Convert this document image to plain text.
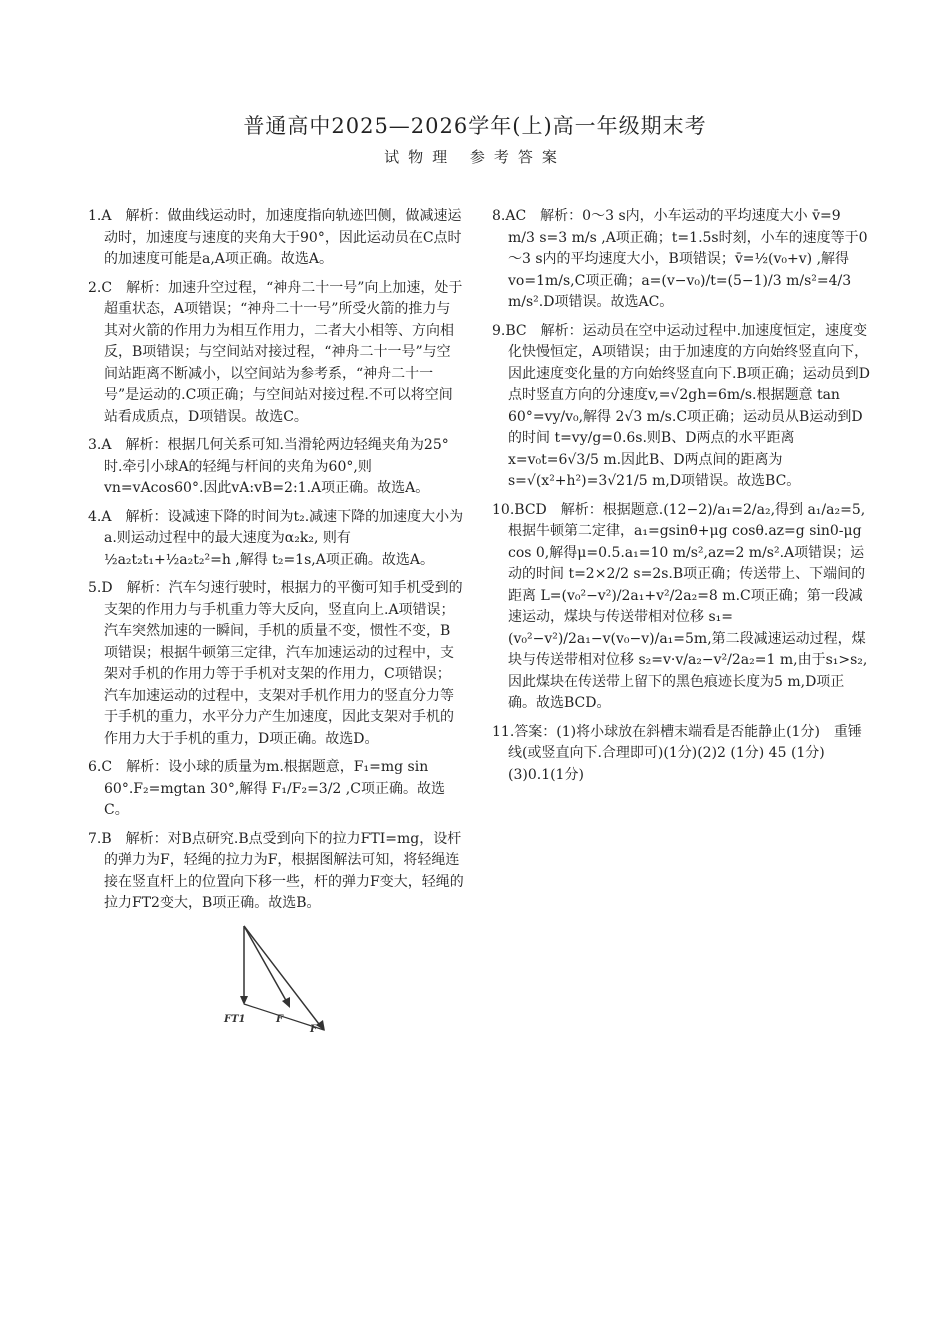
普通高中2025—2026学年(上)高一年级期末考
试物理 参考答案

1.A　解析：做曲线运动时，加速度指向轨迹凹侧，做减速运动时，加速度与速度的夹角大于90°，因此运动员在C点时的加速度可能是a,A项正确。故选A。

2.C　解析：加速升空过程，“神舟二十一号”向上加速，处于超重状态，A项错误；“神舟二十一号”所受火箭的推力与其对火箭的作用力为相互作用力，二者大小相等、方向相反，B项错误；与空间站对接过程，“神舟二十一号”与空间站距离不断减小，以空间站为参考系，“神舟二十一号”是运动的.C项正确；与空间站对接过程.不可以将空间站看成质点，D项错误。故选C。

3.A　解析：根据几何关系可知.当滑轮两边轻绳夹角为25°时.牵引小球A的轻绳与杆间的夹角为60°,则vn=vAcos60°.因此vA:vB=2:1.A项正确。故选A。

4.A　解析：设减速下降的时间为t₂.减速下降的加速度大小为a.则运动过程中的最大速度为α₂k₂, 则有 ½a₂t₂t₁+½a₂t₂²=h ,解得 t₂=1s,A项正确。故选A。

5.D　解析：汽车匀速行驶时，根据力的平衡可知手机受到的支架的作用力与手机重力等大反向，竖直向上.A项错误；汽车突然加速的一瞬间，手机的质量不变，惯性不变，B项错误；根据牛顿第三定律，汽车加速运动的过程中，支架对手机的作用力等于手机对支架的作用力，C项错误；汽车加速运动的过程中，支架对手机作用力的竖直分力等于手机的重力，水平分力产生加速度，因此支架对手机的作用力大于手机的重力，D项正确。故选D。

6.C　解析：设小球的质量为m.根据题意，F₁=mg sin 60°.F₂=mgtan 30°,解得 F₁/F₂=3/2 ,C项正确。故选C。

7.B　解析：对B点研究.B点受到向下的拉力FTI=mg，设杆的弹力为F，轻绳的拉力为F，根据图解法可知，将轻绳连接在竖直杆上的位置向下移一些，杆的弹力F变大，轻绳的拉力FT2变大，B项正确。故选B。

FT1	F
F

8.AC　解析：0～3 s内，小车运动的平均速度大小 v̄=9 m/3 s=3 m/s ,A项正确；t=1.5s时刻，小车的速度等于0～3 s内的平均速度大小，B项错误；v̄=½(v₀+v) ,解得 vo=1m/s,C项正确；a=(v−v₀)/t=(5−1)/3 m/s²=4/3 m/s².D项错误。故选AC。

9.BC　解析：运动员在空中运动过程中.加速度恒定，速度变化快慢恒定，A项错误；由于加速度的方向始终竖直向下，因此速度变化量的方向始终竖直向下.B项正确；运动员到D点时竖直方向的分速度v,=√2gh=6m/s.根据题意 tan 60°=vy/v₀,解得 2√3 m/s.C项正确；运动员从B运动到D的时间 t=vy/g=0.6s.则B、D两点的水平距离 x=v₀t=6√3/5 m.因此B、D两点间的距离为s=√(x²+h²)=3√21/5 m,D项错误。故选BC。

10.BCD　解析：根据题意.(12−2)/a₁=2/a₂,得到 a₁/a₂=5,根据牛顿第二定律，a₁=gsinθ+μg cosθ.az=g sin0-μg cos 0,解得μ=0.5.a₁=10 m/s²,az=2 m/s².A项错误；运动的时间 t=2×2/2 s=2s.B项正确；传送带上、下端间的距离 L=(v₀²−v²)/2a₁+v²/2a₂=8 m.C项正确；第一段减速运动，煤块与传送带相对位移 s₁=(v₀²−v²)/2a₁−v(v₀−v)/a₁=5m,第二段减速运动过程，煤块与传送带相对位移 s₂=v·v/a₂−v²/2a₂=1 m,由于s₁>s₂,因此煤块在传送带上留下的黑色痕迹长度为5 m,D项正确。故选BCD。

11.答案：(1)将小球放在斜槽末端看是否能静止(1分)　重锤线(或竖直向下.合理即可)(1分)(2)2 (1分) 45 (1分)(3)0.1(1分)
